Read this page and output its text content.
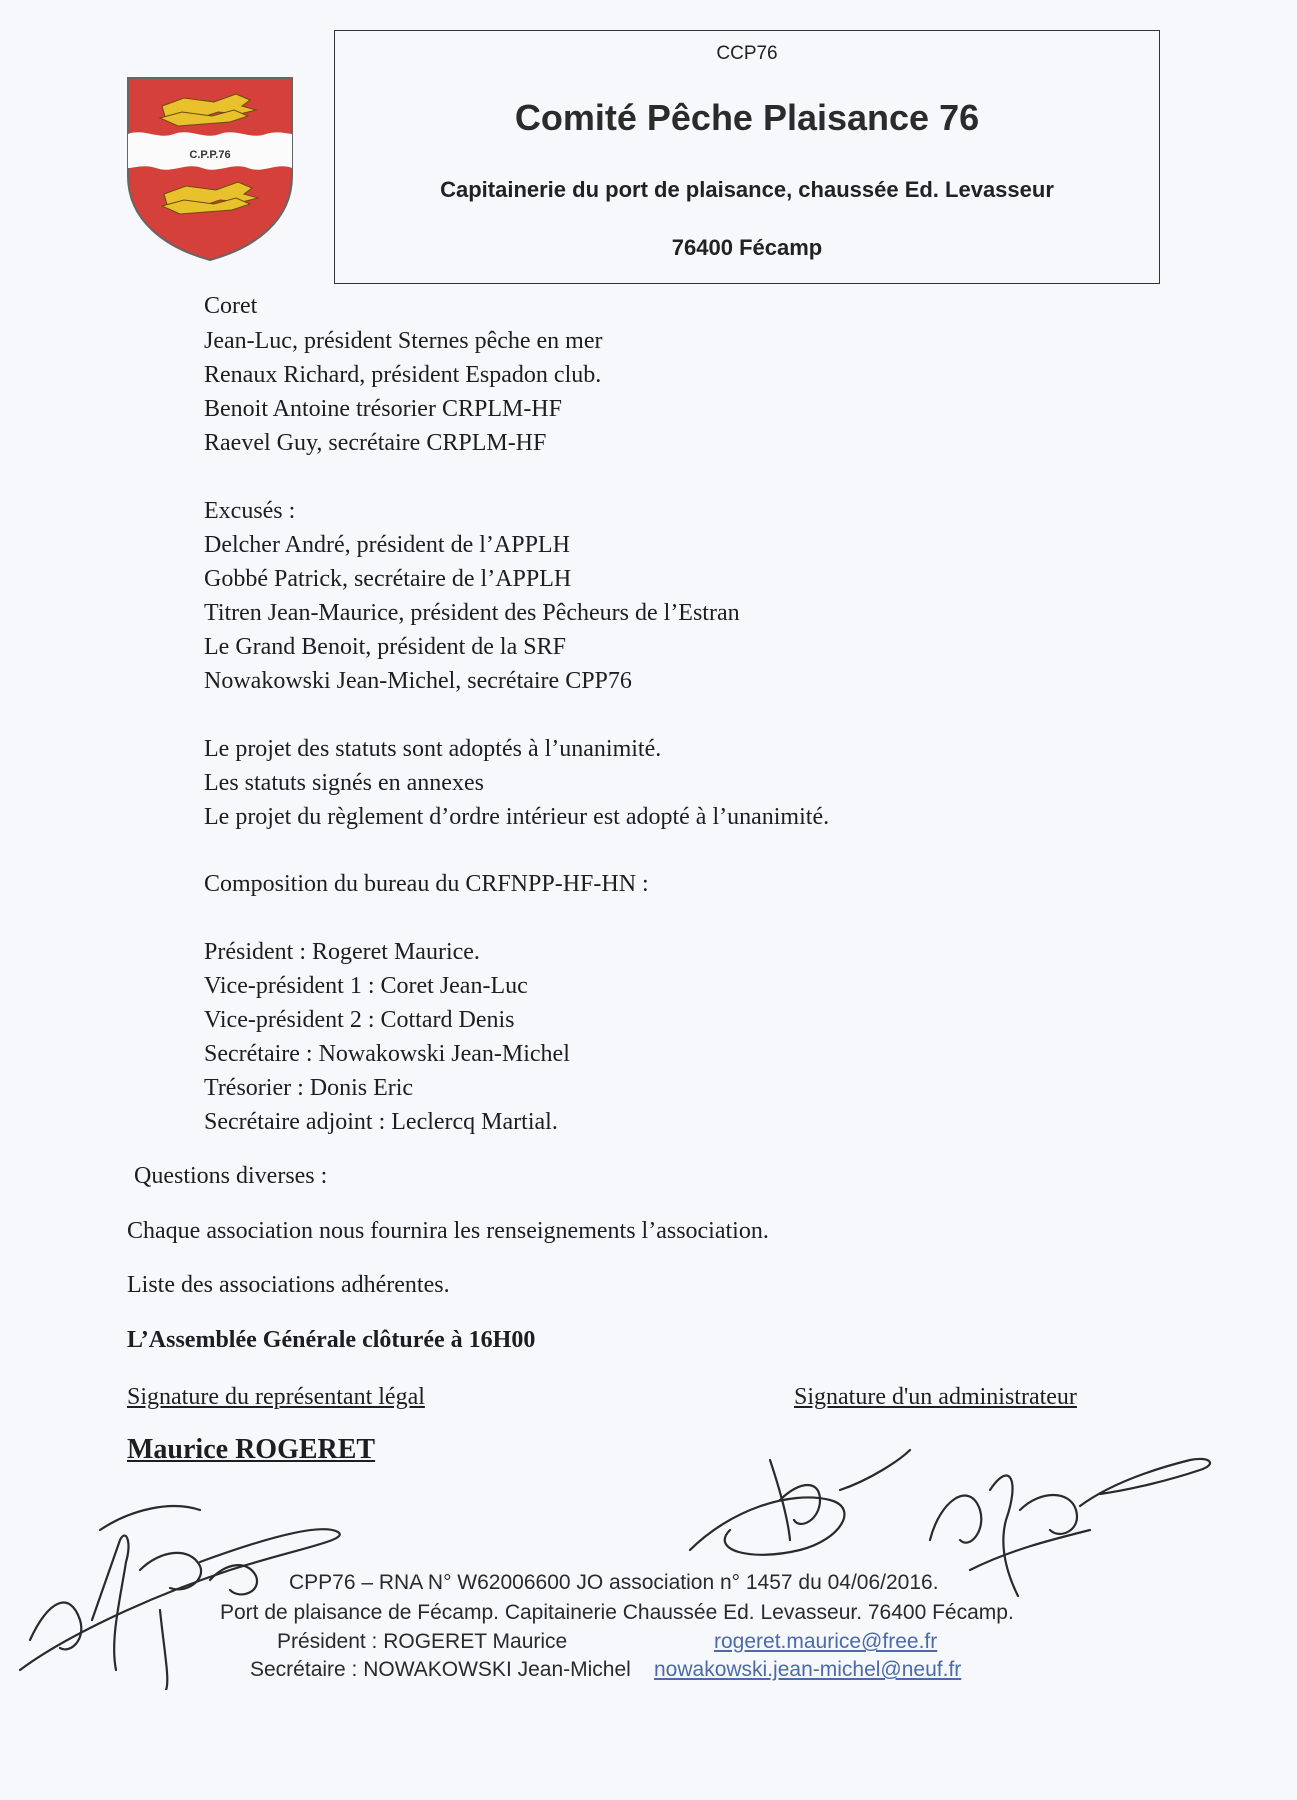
C.P.P.76
CCP76
Comité Pêche Plaisance 76
Capitainerie du port de plaisance, chaussée Ed. Levasseur
76400 Fécamp
Coret
Jean-Luc, président Sternes pêche en mer
Renaux Richard, président Espadon club.
Benoit Antoine trésorier CRPLM-HF
Raevel Guy, secrétaire CRPLM-HF
Excusés :
Delcher André, président de l’APPLH
Gobbé Patrick, secrétaire de l’APPLH
Titren Jean-Maurice, président des Pêcheurs de l’Estran
Le Grand Benoit, président de la SRF
Nowakowski Jean-Michel, secrétaire CPP76
Le projet des statuts sont adoptés à l’unanimité.
Les statuts signés en annexes
Le projet du règlement d’ordre intérieur est adopté à l’unanimité.
Composition du bureau du CRFNPP-HF-HN :
Président : Rogeret Maurice.
Vice-président 1 : Coret Jean-Luc
Vice-président 2 : Cottard Denis
Secrétaire : Nowakowski Jean-Michel
Trésorier : Donis Eric
Secrétaire adjoint : Leclercq Martial.
Questions diverses :
Chaque association nous fournira les renseignements l’association.
Liste des associations adhérentes.
L’Assemblée Générale clôturée à 16H00
Signature du représentant légal	Signature d'un administrateur
Maurice ROGERET
CPP76 – RNA N° W62006600 JO association n° 1457 du 04/06/2016.
Port de plaisance de Fécamp. Capitainerie Chaussée Ed. Levasseur. 76400 Fécamp.
Président : ROGERET Maurice	rogeret.maurice@free.fr
Secrétaire : NOWAKOWSKI Jean-Michel nowakowski.jean-michel@neuf.fr
